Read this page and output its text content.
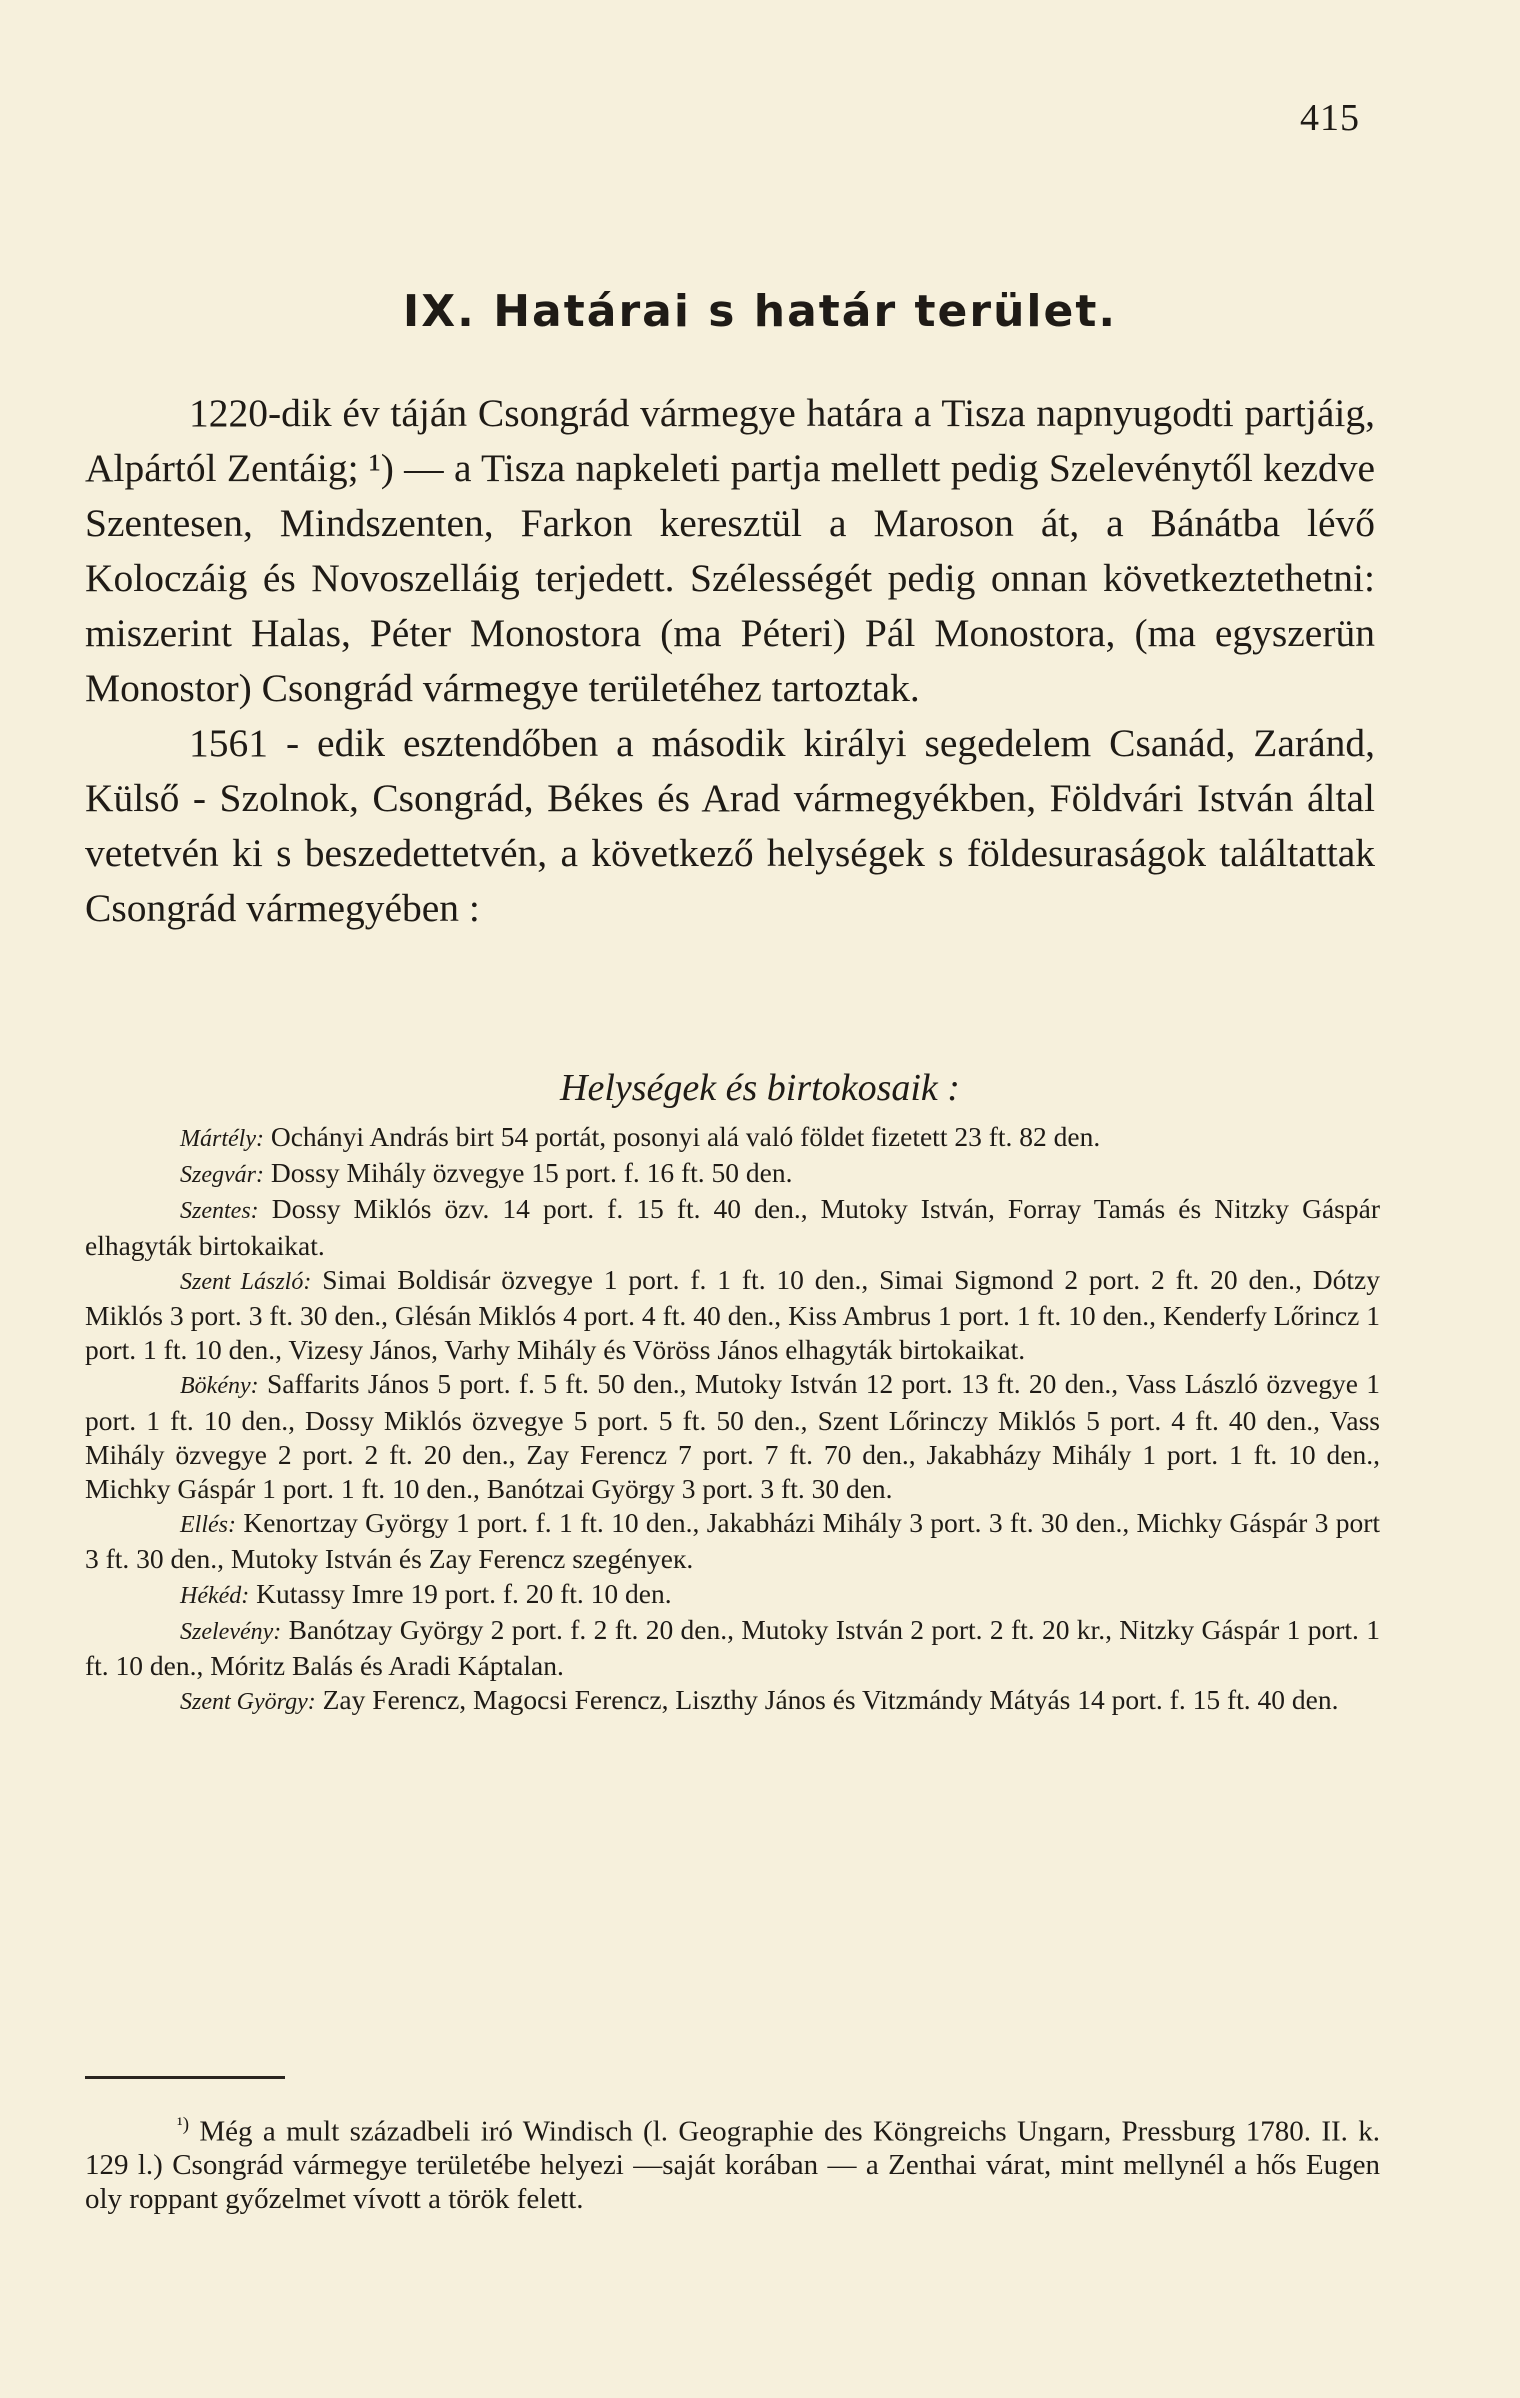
415
IX. Határai s határ terület.

1220-dik év táján Csongrád vármegye határa a Tisza napnyugodti partjáig, Alpártól Zentáig; ¹) — a Tisza napkeleti partja mellett pedig Szelevénytől kezdve Szentesen, Mindszenten, Farkon keresztül a Maroson át, a Bánátba lévő Koloczáig és Novoszelláig terjedett. Szélességét pedig onnan következtethetni: miszerint Halas, Péter Monostora (ma Péteri) Pál Monostora, (ma egyszerün Monostor) Csongrád vármegye területéhez tartoztak.

1561 - edik esztendőben a második királyi segedelem Csanád, Zaránd, Külső - Szolnok, Csongrád, Békes és Arad vármegyékben, Földvári István által vetetvén ki s beszedettetvén, a következő helységek s földesuraságok találtattak Csongrád vármegyében :

Helységek és birtokosaik :

Mártély: Ochányi András birt 54 portát, posonyi alá való földet fizetett 23 ft. 82 den.

Szegvár: Dossy Mihály özvegye 15 port. f. 16 ft. 50 den.

Szentes: Dossy Miklós özv. 14 port. f. 15 ft. 40 den., Mutoky István, Forray Tamás és Nitzky Gáspár elhagyták birtokaikat.

Szent László: Simai Boldisár özvegye 1 port. f. 1 ft. 10 den., Simai Sigmond 2 port. 2 ft. 20 den., Dótzy Miklós 3 port. 3 ft. 30 den., Glésán Miklós 4 port. 4 ft. 40 den., Kiss Ambrus 1 port. 1 ft. 10 den., Kenderfy Lőrincz 1 port. 1 ft. 10 den., Vizesy János, Varhy Mihály és Vöröss János elhagyták birtokaikat.

Bökény: Saffarits János 5 port. f. 5 ft. 50 den., Mutoky István 12 port. 13 ft. 20 den., Vass László özvegye 1 port. 1 ft. 10 den., Dossy Miklós özvegye 5 port. 5 ft. 50 den., Szent Lőrinczy Miklós 5 port. 4 ft. 40 den., Vass Mihály özvegye 2 port. 2 ft. 20 den., Zay Ferencz 7 port. 7 ft. 70 den., Jakabházy Mihály 1 port. 1 ft. 10 den., Michky Gáspár 1 port. 1 ft. 10 den., Banótzai György 3 port. 3 ft. 30 den.

Ellés: Kenortzay György 1 port. f. 1 ft. 10 den., Jakabházi Mihály 3 port. 3 ft. 30 den., Michky Gáspár 3 port 3 ft. 30 den., Mutoky István és Zay Ferencz szegényeк.

Hékéd: Kutassy Imre 19 port. f. 20 ft. 10 den.

Szelevény: Banótzay György 2 port. f. 2 ft. 20 den., Mutoky István 2 port. 2 ft. 20 kr., Nitzky Gáspár 1 port. 1 ft. 10 den., Móritz Balás és Aradi Káptalan.

Szent György: Zay Ferencz, Magocsi Ferencz, Liszthy János és Vitzmándy Mátyás 14 port. f. 15 ft. 40 den.

$^{^1)}$ Még a mult századbeli iró Windisch (l. Geographie des Köngreichs Ungarn, Pressburg 1780. II. k. 129 l.) Csongrád vármegye területébe helyezi —saját korában — a Zenthai várat, mint mellynél a hős Eugen oly roppant győzelmet vívott a török felett.
